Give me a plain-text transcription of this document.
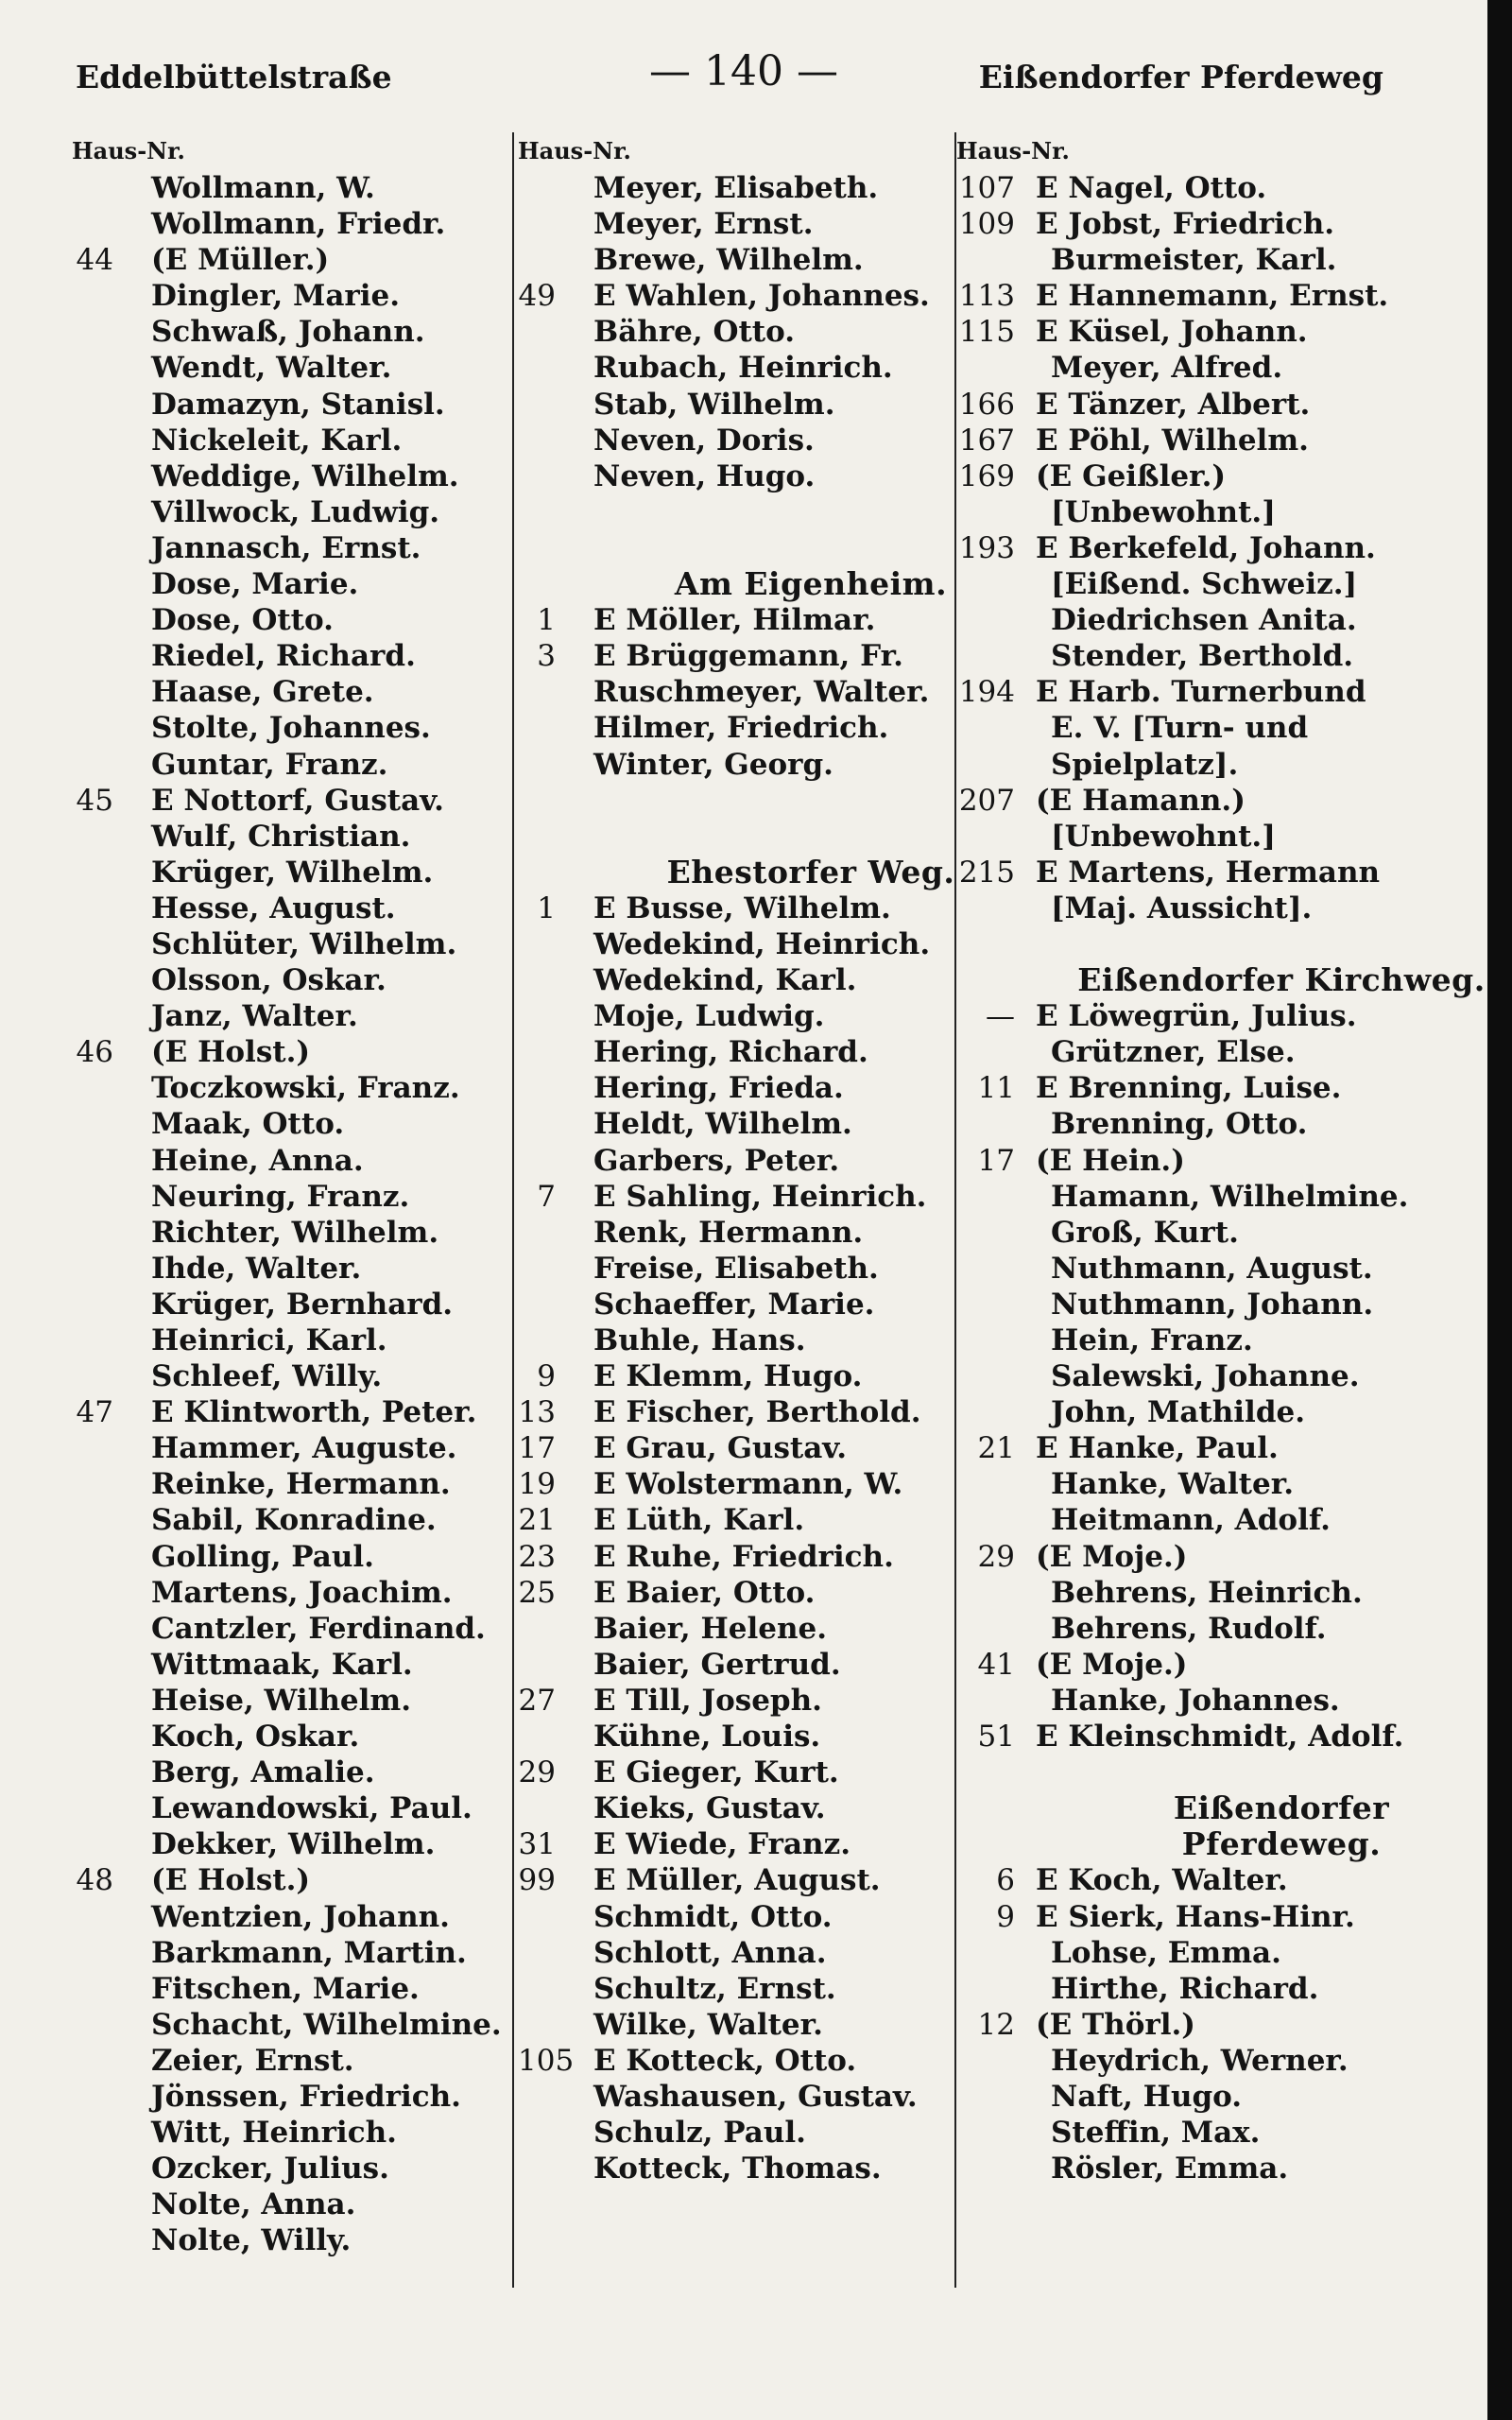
Eddelbüttelstraße	— 140 —	Eißendorfer Pferdeweg
Haus-Nr.
Wollmann, W.
Wollmann, Friedr.
44 (E Müller.)
Dingler, Marie.
Schwaß, Johann.
Wendt, Walter.
Damazyn, Stanisl.
Nickeleit, Karl.
Weddige, Wilhelm.
Villwock, Ludwig.
Jannasch, Ernst.
Dose, Marie.
Dose, Otto.
Riedel, Richard.
Haase, Grete.
Stolte, Johannes.
Guntar, Franz.
45 E Nottorf, Gustav.
Wulf, Christian.
Krüger, Wilhelm.
Hesse, August.
Schlüter, Wilhelm.
Olsson, Oskar.
Janz, Walter.
46 (E Holst.)
Toczkowski, Franz.
Maak, Otto.
Heine, Anna.
Neuring, Franz.
Richter, Wilhelm.
Ihde, Walter.
Krüger, Bernhard.
Heinrici, Karl.
Schleef, Willy.
47 E Klintworth, Peter.
Hammer, Auguste.
Reinke, Hermann.
Sabil, Konradine.
Golling, Paul.
Martens, Joachim.
Cantzler, Ferdinand.
Wittmaak, Karl.
Heise, Wilhelm.
Koch, Oskar.
Berg, Amalie.
Lewandowski, Paul.
Dekker, Wilhelm.
48 (E Holst.)
Wentzien, Johann.
Barkmann, Martin.
Fitschen, Marie.
Schacht, Wilhelmine.
Zeier, Ernst.
Jönssen, Friedrich.
Witt, Heinrich.
Ozcker, Julius.
Nolte, Anna.
Nolte, Willy.
Haus-Nr.
Meyer, Elisabeth.
Meyer, Ernst.
Brewe, Wilhelm.
49 E Wahlen, Johannes.
Bähre, Otto.
Rubach, Heinrich.
Stab, Wilhelm.
Neven, Doris.
Neven, Hugo.
Am Eigenheim.
1 E Möller, Hilmar.
3 E Brüggemann, Fr.
Ruschmeyer, Walter.
Hilmer, Friedrich.
Winter, Georg.
Ehestorfer Weg.
1 E Busse, Wilhelm.
Wedekind, Heinrich.
Wedekind, Karl.
Moje, Ludwig.
Hering, Richard.
Hering, Frieda.
Heldt, Wilhelm.
Garbers, Peter.
7 E Sahling, Heinrich.
Renk, Hermann.
Freise, Elisabeth.
Schaeffer, Marie.
Buhle, Hans.
9 E Klemm, Hugo.
13 E Fischer, Berthold.
17 E Grau, Gustav.
19 E Wolstermann, W.
21 E Lüth, Karl.
23 E Ruhe, Friedrich.
25 E Baier, Otto.
Baier, Helene.
Baier, Gertrud.
27 E Till, Joseph.
Kühne, Louis.
29 E Gieger, Kurt.
Kieks, Gustav.
31 E Wiede, Franz.
99 E Müller, August.
Schmidt, Otto.
Schlott, Anna.
Schultz, Ernst.
Wilke, Walter.
105 E Kotteck, Otto.
Washausen, Gustav.
Schulz, Paul.
Kotteck, Thomas.
Haus-Nr.
107 E Nagel, Otto.
109 E Jobst, Friedrich.
Burmeister, Karl.
113 E Hannemann, Ernst.
115 E Küsel, Johann.
Meyer, Alfred.
166 E Tänzer, Albert.
167 E Pöhl, Wilhelm.
169 (E Geißler.)
[Unbewohnt.]
193 E Berkefeld, Johann.
[Eißend. Schweiz.]
Diedrichsen Anita.
Stender, Berthold.
194 E Harb. Turnerbund
E. V. [Turn- und
Spielplatz].
207 (E Hamann.)
[Unbewohnt.]
215 E Martens, Hermann
[Maj. Aussicht].
Eißendorfer Kirchweg.
— E Löwegrün, Julius.
Grützner, Else.
11 E Brenning, Luise.
Brenning, Otto.
17 (E Hein.)
Hamann, Wilhelmine.
Groß, Kurt.
Nuthmann, August.
Nuthmann, Johann.
Hein, Franz.
Salewski, Johanne.
John, Mathilde.
21 E Hanke, Paul.
Hanke, Walter.
Heitmann, Adolf.
29 (E Moje.)
Behrens, Heinrich.
Behrens, Rudolf.
41 (E Moje.)
Hanke, Johannes.
51 E Kleinschmidt, Adolf.
Eißendorfer
Pferdeweg.
6 E Koch, Walter.
9 E Sierk, Hans-Hinr.
Lohse, Emma.
Hirthe, Richard.
12 (E Thörl.)
Heydrich, Werner.
Naft, Hugo.
Steffin, Max.
Rösler, Emma.
